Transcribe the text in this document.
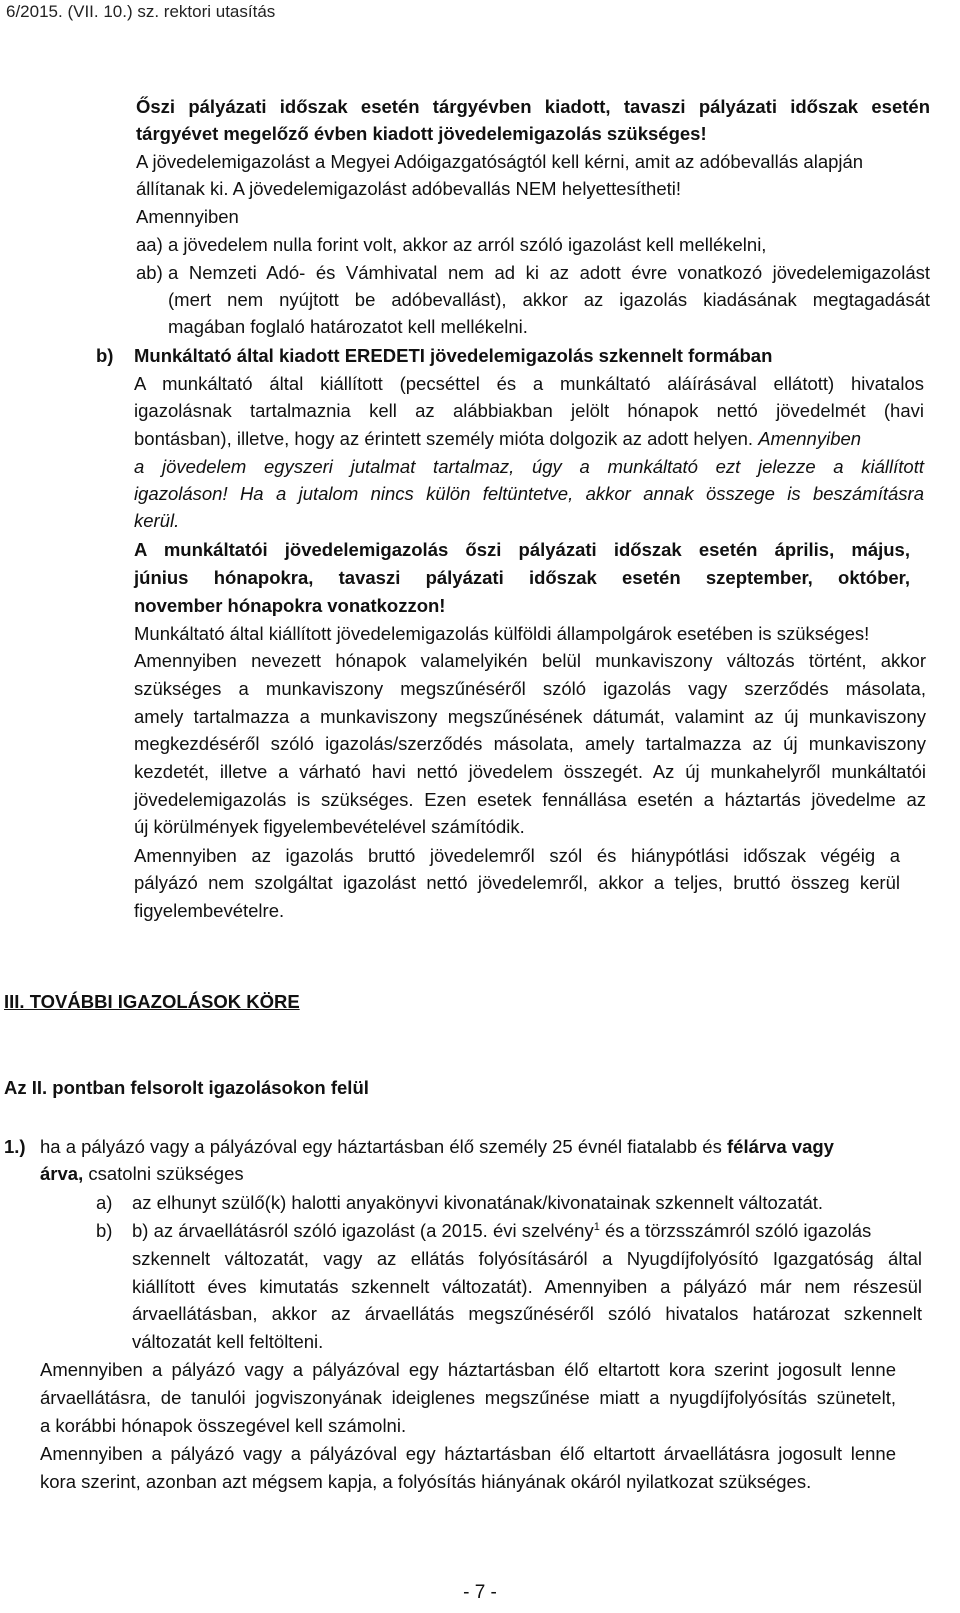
6/2015. (VII. 10.) sz. rektori utasítás
Őszi pályázati időszak esetén tárgyévben kiadott, tavaszi pályázati időszak esetén
tárgyévet megelőző évben kiadott jövedelemigazolás szükséges!
A jövedelemigazolást a Megyei Adóigazgatóságtól kell kérni, amit az adóbevallás alapján
állítanak ki. A jövedelemigazolást adóbevallás NEM helyettesítheti!
Amennyiben
aa) a jövedelem nulla forint volt, akkor az arról szóló igazolást kell mellékelni,
ab) a Nemzeti Adó- és Vámhivatal nem ad ki az adott évre vonatkozó jövedelemigazolást
(mert nem nyújtott be adóbevallást), akkor az igazolás kiadásának megtagadását
magában foglaló határozatot kell mellékelni.
b) Munkáltató által kiadott EREDETI jövedelemigazolás szkennelt formában
A munkáltató által kiállított (pecséttel és a munkáltató aláírásával ellátott) hivatalos
igazolásnak tartalmaznia kell az alábbiakban jelölt hónapok nettó jövedelmét (havi
bontásban), illetve, hogy az érintett személy mióta dolgozik az adott helyen. Amennyiben
a jövedelem egyszeri jutalmat tartalmaz, úgy a munkáltató ezt jelezze a kiállított
igazoláson! Ha a jutalom nincs külön feltüntetve, akkor annak összege is beszámításra
kerül.
A munkáltatói jövedelemigazolás őszi pályázati időszak esetén április, május,
június hónapokra, tavaszi pályázati időszak esetén szeptember, október,
november hónapokra vonatkozzon!
Munkáltató által kiállított jövedelemigazolás külföldi állampolgárok esetében is szükséges!
Amennyiben nevezett hónapok valamelyikén belül munkaviszony változás történt, akkor
szükséges a munkaviszony megszűnéséről szóló igazolás vagy szerződés másolata,
amely tartalmazza a munkaviszony megszűnésének dátumát, valamint az új munkaviszony
megkezdéséről szóló igazolás/szerződés másolata, amely tartalmazza az új munkaviszony
kezdetét, illetve a várható havi nettó jövedelem összegét. Az új munkahelyről munkáltatói
jövedelemigazolás is szükséges. Ezen esetek fennállása esetén a háztartás jövedelme az
új körülmények figyelembevételével számítódik.
Amennyiben az igazolás bruttó jövedelemről szól és hiánypótlási időszak végéig a
pályázó nem szolgáltat igazolást nettó jövedelemről, akkor a teljes, bruttó összeg kerül
figyelembevételre.
III. TOVÁBBI IGAZOLÁSOK KÖRE
Az II. pontban felsorolt igazolásokon felül
1.) ha a pályázó vagy a pályázóval egy háztartásban élő személy 25 évnél fiatalabb és félárva vagy
árva, csatolni szükséges
a) az elhunyt szülő(k) halotti anyakönyvi kivonatának/kivonatainak szkennelt változatát.
b) b) az árvaellátásról szóló igazolást (a 2015. évi szelvény$^1$ és a törzsszámról szóló igazolás
szkennelt változatát, vagy az ellátás folyósításáról a Nyugdíjfolyósító Igazgatóság által
kiállított éves kimutatás szkennelt változatát). Amennyiben a pályázó már nem részesül
árvaellátásban, akkor az árvaellátás megszűnéséről szóló hivatalos határozat szkennelt
változatát kell feltölteni.
Amennyiben a pályázó vagy a pályázóval egy háztartásban élő eltartott kora szerint jogosult lenne
árvaellátásra, de tanulói jogviszonyának ideiglenes megszűnése miatt a nyugdíjfolyósítás szünetelt,
a korábbi hónapok összegével kell számolni.
Amennyiben a pályázó vagy a pályázóval egy háztartásban élő eltartott árvaellátásra jogosult lenne
kora szerint, azonban azt mégsem kapja, a folyósítás hiányának okáról nyilatkozat szükséges.
- 7 -
